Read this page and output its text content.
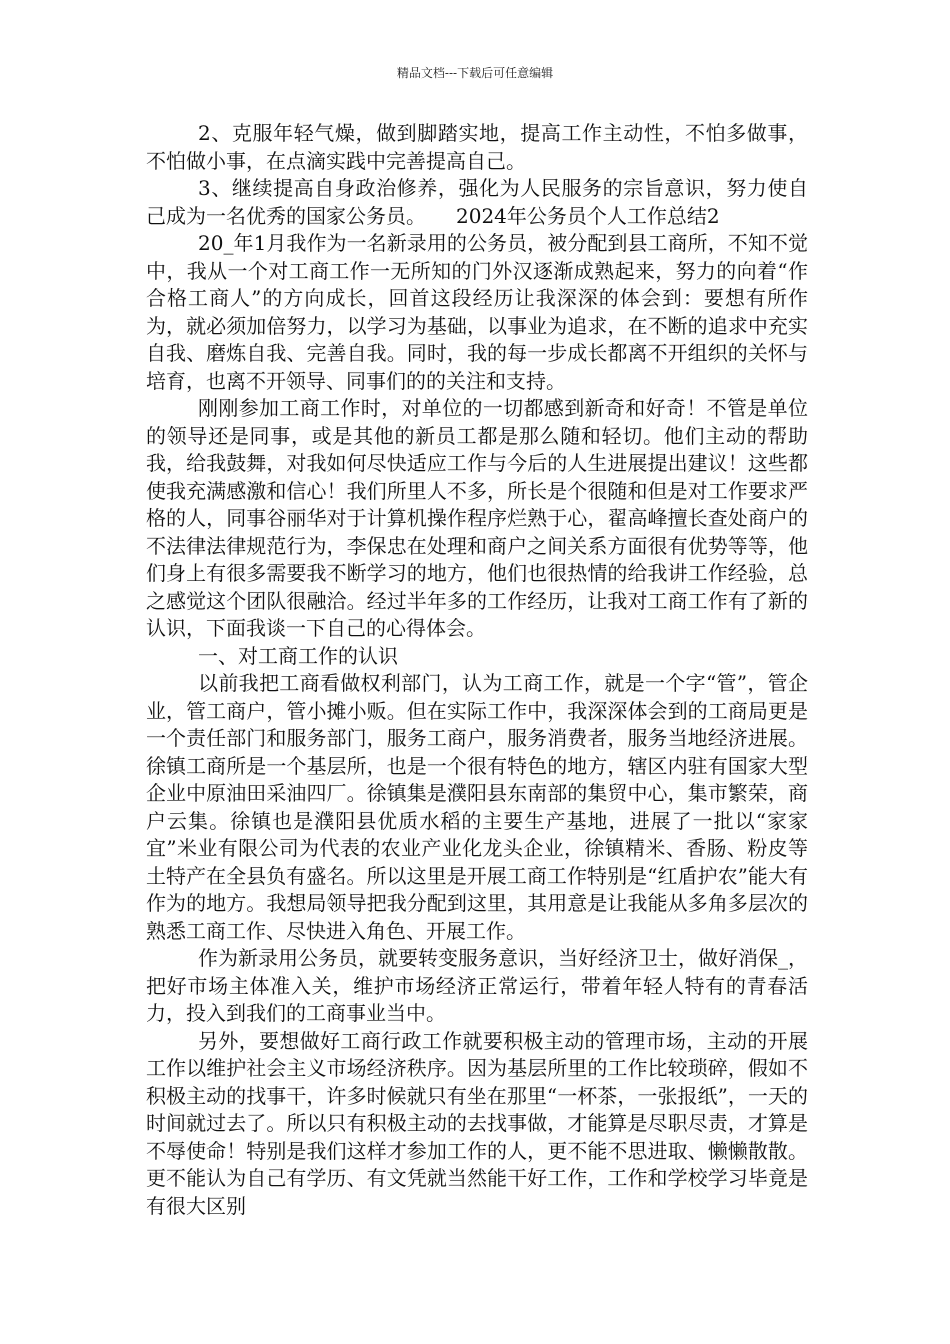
精品文档---下载后可任意编辑

2、克服年轻气燥，做到脚踏实地，提高工作主动性，不怕多做事，不怕做小事，在点滴实践中完善提高自己。

3、继续提高自身政治修养，强化为人民服务的宗旨意识，努力使自己成为一名优秀的国家公务员。　　2024年公务员个人工作总结2

20_年1月我作为一名新录用的公务员，被分配到县工商所，不知不觉中，我从一个对工商工作一无所知的门外汉逐渐成熟起来，努力的向着“作合格工商人”的方向成长，回首这段经历让我深深的体会到：要想有所作为，就必须加倍努力，以学习为基础，以事业为追求，在不断的追求中充实自我、磨炼自我、完善自我。同时，我的每一步成长都离不开组织的关怀与培育，也离不开领导、同事们的的关注和支持。

刚刚参加工商工作时，对单位的一切都感到新奇和好奇！不管是单位的领导还是同事，或是其他的新员工都是那么随和轻切。他们主动的帮助我，给我鼓舞，对我如何尽快适应工作与今后的人生进展提出建议！这些都使我充满感激和信心！我们所里人不多，所长是个很随和但是对工作要求严格的人，同事谷丽华对于计算机操作程序烂熟于心，翟高峰擅长查处商户的不法律法律规范行为，李保忠在处理和商户之间关系方面很有优势等等，他们身上有很多需要我不断学习的地方，他们也很热情的给我讲工作经验，总之感觉这个团队很融洽。经过半年多的工作经历，让我对工商工作有了新的认识，下面我谈一下自己的心得体会。

一、对工商工作的认识

以前我把工商看做权利部门，认为工商工作，就是一个字“管”，管企业，管工商户，管小摊小贩。但在实际工作中，我深深体会到的工商局更是一个责任部门和服务部门，服务工商户，服务消费者，服务当地经济进展。徐镇工商所是一个基层所，也是一个很有特色的地方，辖区内驻有国家大型企业中原油田采油四厂。徐镇集是濮阳县东南部的集贸中心，集市繁荣，商户云集。徐镇也是濮阳县优质水稻的主要生产基地，进展了一批以“家家宜”米业有限公司为代表的农业产业化龙头企业，徐镇精米、香肠、粉皮等土特产在全县负有盛名。所以这里是开展工商工作特别是“红盾护农”能大有作为的地方。我想局领导把我分配到这里，其用意是让我能从多角多层次的熟悉工商工作、尽快进入角色、开展工作。

作为新录用公务员，就要转变服务意识，当好经济卫士，做好消保_，把好市场主体准入关，维护市场经济正常运行，带着年轻人特有的青春活力，投入到我们的工商事业当中。

另外，要想做好工商行政工作就要积极主动的管理市场，主动的开展工作以维护社会主义市场经济秩序。因为基层所里的工作比较琐碎，假如不积极主动的找事干，许多时候就只有坐在那里“一杯茶，一张报纸”，一天的时间就过去了。所以只有积极主动的去找事做，才能算是尽职尽责，才算是不辱使命！特别是我们这样才参加工作的人，更不能不思进取、懒懒散散。更不能认为自己有学历、有文凭就当然能干好工作，工作和学校学习毕竟是有很大区别
